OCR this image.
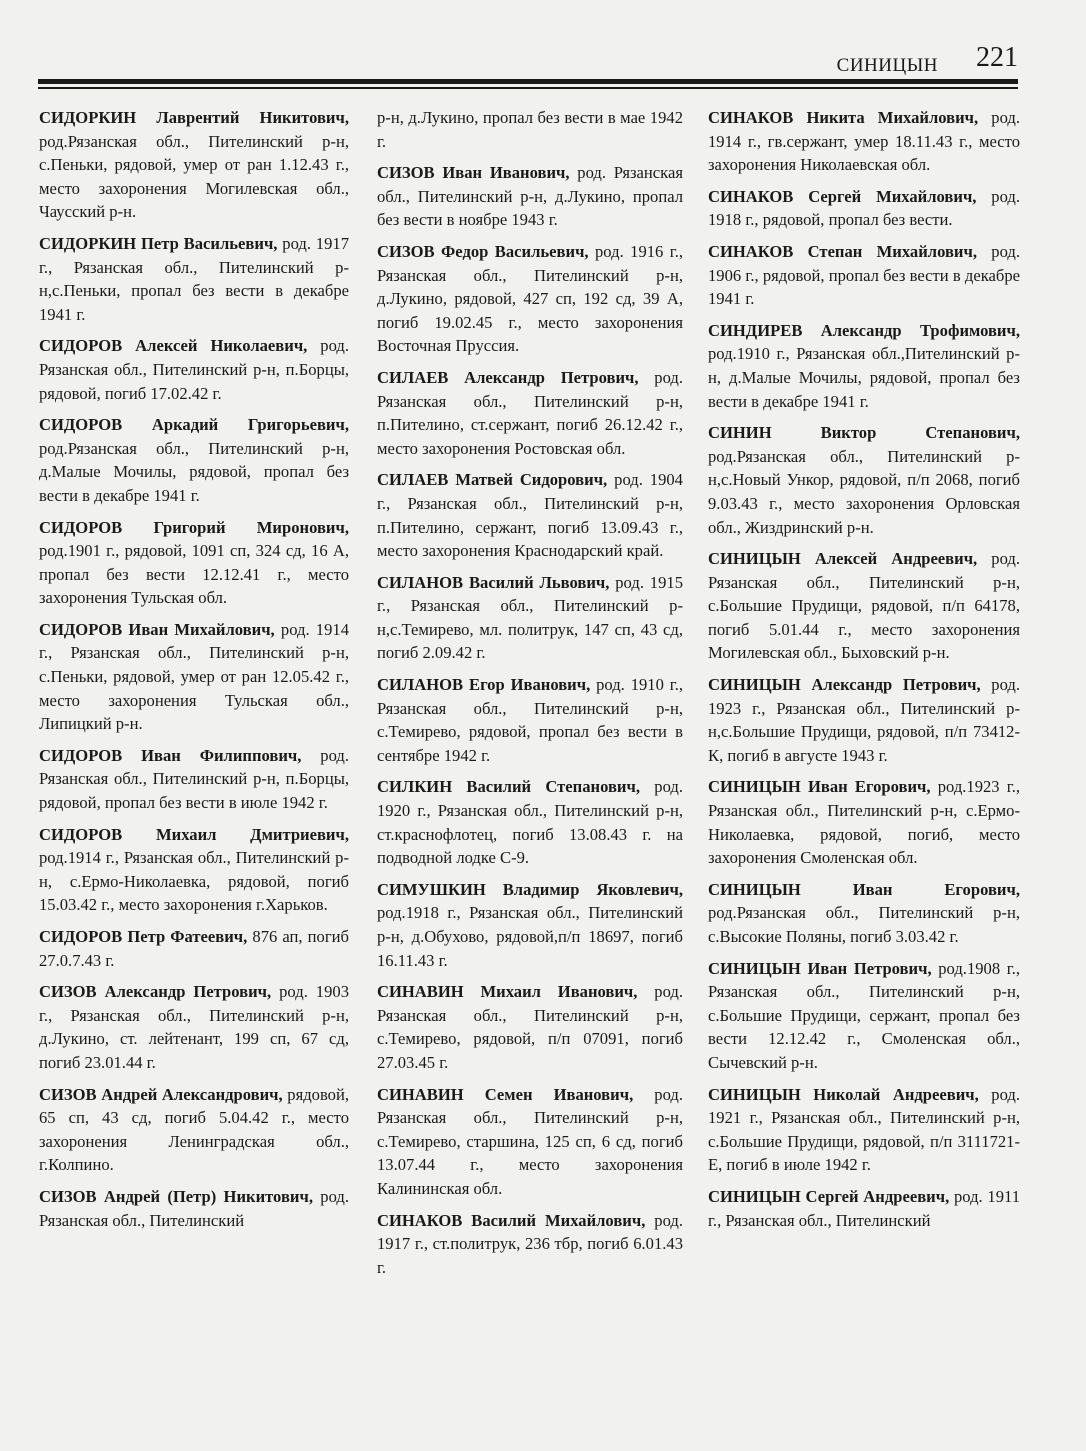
СИНИЦЫН 221

СИДОРКИН Лаврентий Никитович, род.Рязанская обл., Пителинский р-н, с.Пеньки, рядовой, умер от ран 1.12.43 г., место захоронения Могилевская обл., Чаусский р-н.

СИДОРКИН Петр Васильевич, род. 1917 г., Рязанская обл., Пителинский р-н,с.Пеньки, пропал без вести в декабре 1941 г.

СИДОРОВ Алексей Николаевич, род. Рязанская обл., Пителинский р-н, п.Борцы, рядовой, погиб 17.02.42 г.

СИДОРОВ Аркадий Григорьевич, род.Рязанская обл., Пителинский р-н, д.Малые Мочилы, рядовой, пропал без вести в декабре 1941 г.

СИДОРОВ Григорий Миронович, род.1901 г., рядовой, 1091 сп, 324 сд, 16 А, пропал без вести 12.12.41 г., место захоронения Тульская обл.

СИДОРОВ Иван Михайлович, род. 1914 г., Рязанская обл., Пителинский р-н, с.Пеньки, рядовой, умер от ран 12.05.42 г., место захоронения Тульская обл., Липицкий р-н.

СИДОРОВ Иван Филиппович, род. Рязанская обл., Пителинский р-н, п.Борцы, рядовой, пропал без вести в июле 1942 г.

СИДОРОВ Михаил Дмитриевич, род.1914 г., Рязанская обл., Пителинский р-н, с.Ермо-Николаевка, рядовой, погиб 15.03.42 г., место захоронения г.Харьков.

СИДОРОВ Петр Фатеевич, 876 ап, погиб 27.0.7.43 г.

СИЗОВ Александр Петрович, род. 1903 г., Рязанская обл., Пителинский р-н, д.Лукино, ст. лейтенант, 199 сп, 67 сд, погиб 23.01.44 г.

СИЗОВ Андрей Александрович, рядовой, 65 сп, 43 сд, погиб 5.04.42 г., место захоронения Ленинградская обл., г.Колпино.

СИЗОВ Андрей (Петр) Никитович, род. Рязанская обл., Пителинский

р-н, д.Лукино, пропал без вести в мае 1942 г.

СИЗОВ Иван Иванович, род. Рязанская обл., Пителинский р-н, д.Лукино, пропал без вести в ноябре 1943 г.

СИЗОВ Федор Васильевич, род. 1916 г., Рязанская обл., Пителинский р-н, д.Лукино, рядовой, 427 сп, 192 сд, 39 А, погиб 19.02.45 г., место захоронения Восточная Пруссия.

СИЛАЕВ Александр Петрович, род. Рязанская обл., Пителинский р-н, п.Пителино, ст.сержант, погиб 26.12.42 г., место захоронения Ростовская обл.

СИЛАЕВ Матвей Сидорович, род. 1904 г., Рязанская обл., Пителинский р-н, п.Пителино, сержант, погиб 13.09.43 г., место захоронения Краснодарский край.

СИЛАНОВ Василий Львович, род. 1915 г., Рязанская обл., Пителинский р-н,с.Темирево, мл. политрук, 147 сп, 43 сд, погиб 2.09.42 г.

СИЛАНОВ Егор Иванович, род. 1910 г., Рязанская обл., Пителинский р-н, с.Темирево, рядовой, пропал без вести в сентябре 1942 г.

СИЛКИН Василий Степанович, род. 1920 г., Рязанская обл., Пителинский р-н, ст.краснофлотец, погиб 13.08.43 г. на подводной лодке С-9.

СИМУШКИН Владимир Яковлевич, род.1918 г., Рязанская обл., Пителинский р-н, д.Обухово, рядовой,п/п 18697, погиб 16.11.43 г.

СИНАВИН Михаил Иванович, род. Рязанская обл., Пителинский р-н, с.Темирево, рядовой, п/п 07091, погиб 27.03.45 г.

СИНАВИН Семен Иванович, род. Рязанская обл., Пителинский р-н, с.Темирево, старшина, 125 сп, 6 сд, погиб 13.07.44 г., место захоронения Калининская обл.

СИНАКОВ Василий Михайлович, род. 1917 г., ст.политрук, 236 тбр, погиб 6.01.43 г.

СИНАКОВ Никита Михайлович, род. 1914 г., гв.сержант, умер 18.11.43 г., место захоронения Николаевская обл.

СИНАКОВ Сергей Михайлович, род. 1918 г., рядовой, пропал без вести.

СИНАКОВ Степан Михайлович, род. 1906 г., рядовой, пропал без вести в декабре 1941 г.

СИНДИРЕВ Александр Трофимович, род.1910 г., Рязанская обл.,Пителинский р-н, д.Малые Мочилы, рядовой, пропал без вести в декабре 1941 г.

СИНИН Виктор Степанович, род.Рязанская обл., Пителинский р-н,с.Новый Ункор, рядовой, п/п 2068, погиб 9.03.43 г., место захоронения Орловская обл., Жиздринский р-н.

СИНИЦЫН Алексей Андреевич, род. Рязанская обл., Пителинский р-н, с.Большие Прудищи, рядовой, п/п 64178, погиб 5.01.44 г., место захоронения Могилевская обл., Быховский р-н.

СИНИЦЫН Александр Петрович, род. 1923 г., Рязанская обл., Пителинский р-н,с.Большие Прудищи, рядовой, п/п 73412-К, погиб в августе 1943 г.

СИНИЦЫН Иван Егорович, род.1923 г., Рязанская обл., Пителинский р-н, с.Ермо-Николаевка, рядовой, погиб, место захоронения Смоленская обл.

СИНИЦЫН Иван Егорович, род.Рязанская обл., Пителинский р-н, с.Высокие Поляны, погиб 3.03.42 г.

СИНИЦЫН Иван Петрович, род.1908 г., Рязанская обл., Пителинский р-н, с.Большие Прудищи, сержант, пропал без вести 12.12.42 г., Смоленская обл., Сычевский р-н.

СИНИЦЫН Николай Андреевич, род. 1921 г., Рязанская обл., Пителинский р-н, с.Большие Прудищи, рядовой, п/п 3111721-Е, погиб в июле 1942 г.

СИНИЦЫН Сергей Андреевич, род. 1911 г., Рязанская обл., Пителинский
